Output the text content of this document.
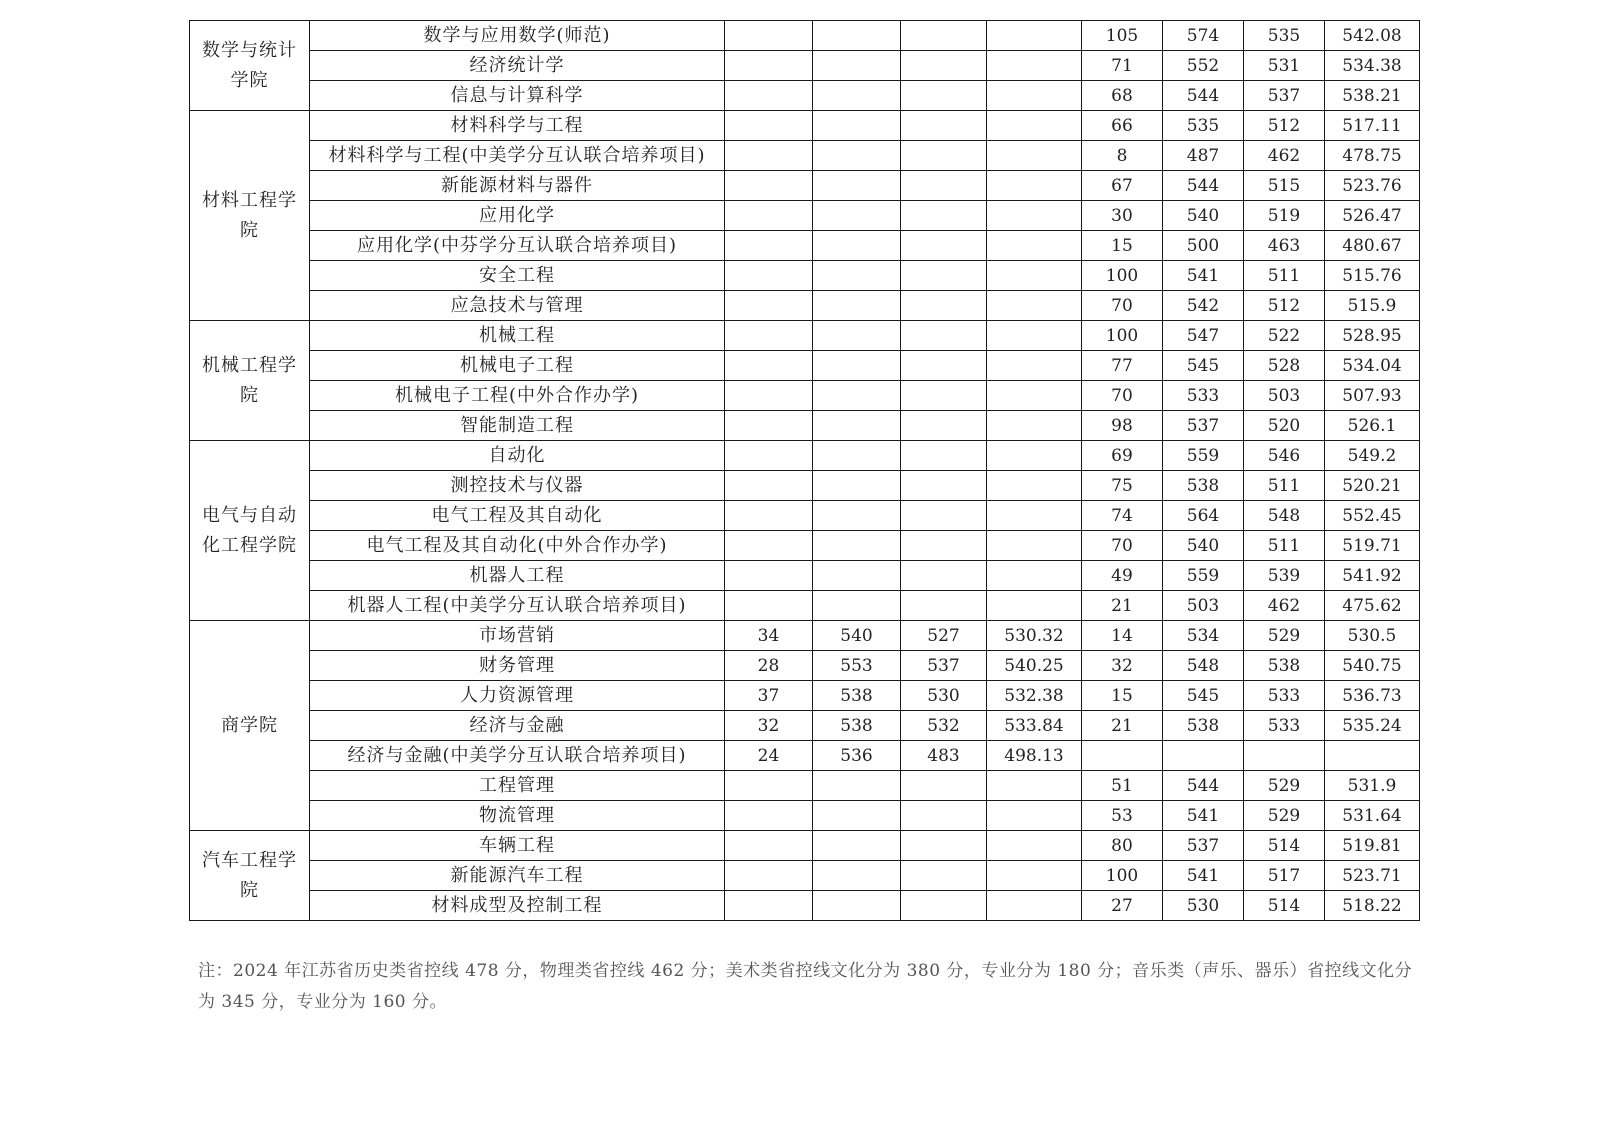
数学与统计学院	数学与应用数学(师范)					105	574	535	542.08
	经济统计学					71	552	531	534.38
	信息与计算科学					68	544	537	538.21
材料工程学院	材料科学与工程					66	535	512	517.11
	材料科学与工程(中美学分互认联合培养项目)					8	487	462	478.75
	新能源材料与器件					67	544	515	523.76
	应用化学					30	540	519	526.47
	应用化学(中芬学分互认联合培养项目)					15	500	463	480.67
	安全工程					100	541	511	515.76
	应急技术与管理					70	542	512	515.9
机械工程学院	机械工程					100	547	522	528.95
	机械电子工程					77	545	528	534.04
	机械电子工程(中外合作办学)					70	533	503	507.93
	智能制造工程					98	537	520	526.1
电气与自动化工程学院	自动化					69	559	546	549.2
	测控技术与仪器					75	538	511	520.21
	电气工程及其自动化					74	564	548	552.45
	电气工程及其自动化(中外合作办学)					70	540	511	519.71
	机器人工程					49	559	539	541.92
	机器人工程(中美学分互认联合培养项目)					21	503	462	475.62
商学院	市场营销	34	540	527	530.32	14	534	529	530.5
	财务管理	28	553	537	540.25	32	548	538	540.75
	人力资源管理	37	538	530	532.38	15	545	533	536.73
	经济与金融	32	538	532	533.84	21	538	533	535.24
	经济与金融(中美学分互认联合培养项目)	24	536	483	498.13				
	工程管理					51	544	529	531.9
	物流管理					53	541	529	531.64
汽车工程学院	车辆工程					80	537	514	519.81
	新能源汽车工程					100	541	517	523.71
	材料成型及控制工程					27	530	514	518.22
注：2024 年江苏省历史类省控线 478 分，物理类省控线 462 分；美术类省控线文化分为 380 分，专业分为 180 分；音乐类（声乐、器乐）省控线文化分为 345 分，专业分为 160 分。
